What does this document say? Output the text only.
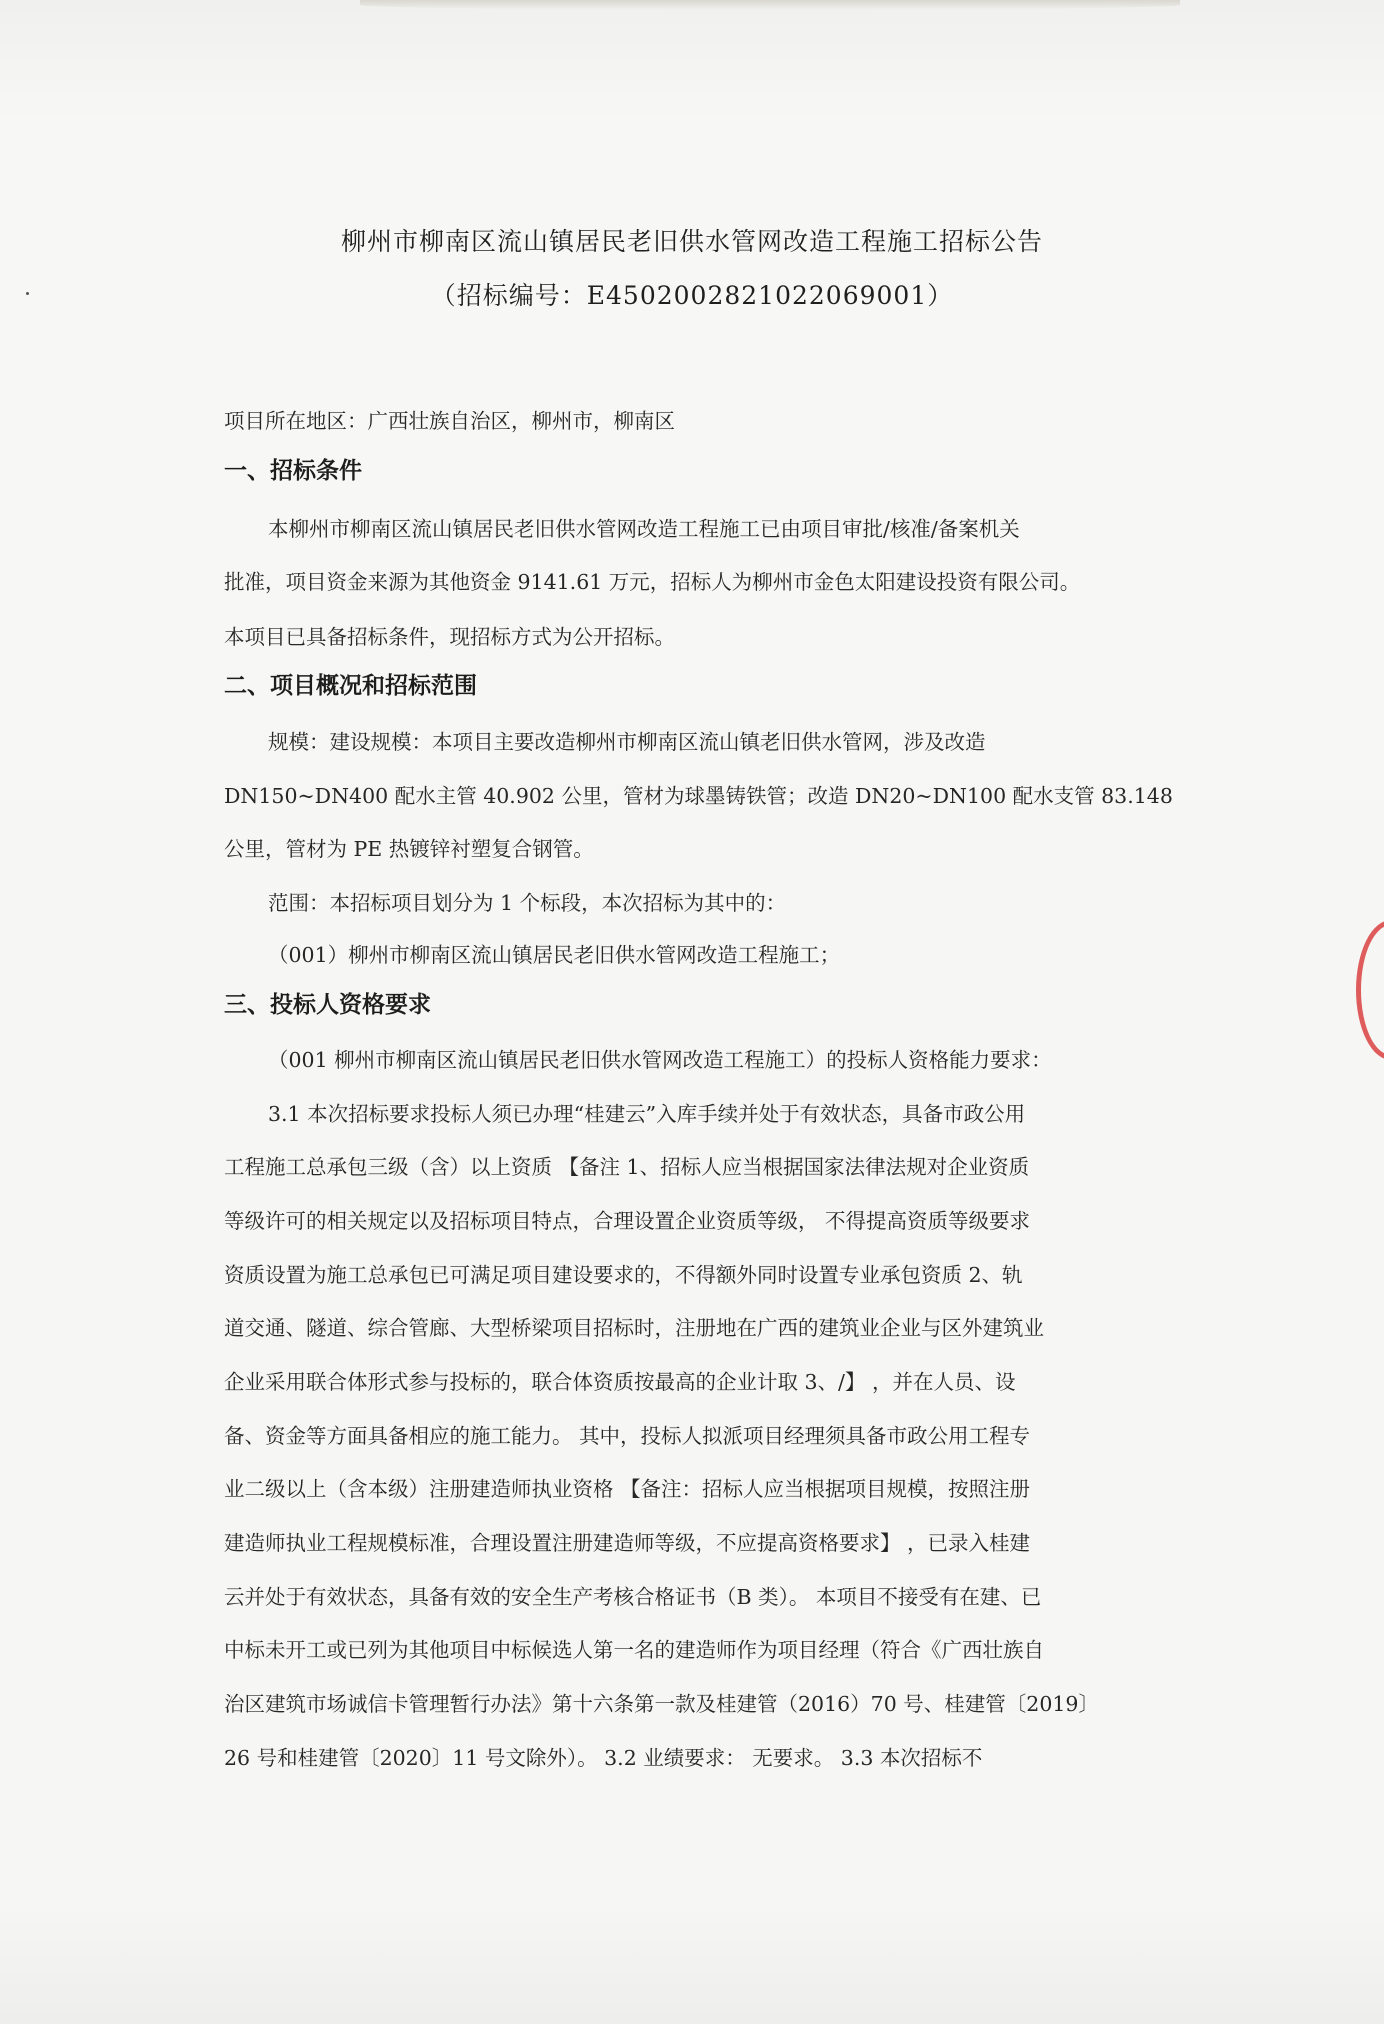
柳州市柳南区流山镇居民老旧供水管网改造工程施工招标公告
（招标编号：E4502002821022069001）
项目所在地区：广西壮族自治区，柳州市，柳南区
一、招标条件
本柳州市柳南区流山镇居民老旧供水管网改造工程施工已由项目审批/核准/备案机关
批准，项目资金来源为其他资金 9141.61 万元，招标人为柳州市金色太阳建设投资有限公司。
本项目已具备招标条件，现招标方式为公开招标。
二、项目概况和招标范围
规模：建设规模：本项目主要改造柳州市柳南区流山镇老旧供水管网，涉及改造
DN150~DN400 配水主管 40.902 公里，管材为球墨铸铁管；改造 DN20~DN100 配水支管 83.148
公里，管材为 PE 热镀锌衬塑复合钢管。
范围：本招标项目划分为 1 个标段，本次招标为其中的：
（001）柳州市柳南区流山镇居民老旧供水管网改造工程施工；
三、投标人资格要求
（001 柳州市柳南区流山镇居民老旧供水管网改造工程施工）的投标人资格能力要求：
3.1 本次招标要求投标人须已办理“桂建云”入库手续并处于有效状态，具备市政公用
工程施工总承包三级（含）以上资质 【备注 1、招标人应当根据国家法律法规对企业资质
等级许可的相关规定以及招标项目特点，合理设置企业资质等级， 不得提高资质等级要求
资质设置为施工总承包已可满足项目建设要求的，不得额外同时设置专业承包资质 2、轨
道交通、隧道、综合管廊、大型桥梁项目招标时，注册地在广西的建筑业企业与区外建筑业
企业采用联合体形式参与投标的，联合体资质按最高的企业计取 3、/】 ，并在人员、设
备、资金等方面具备相应的施工能力。 其中，投标人拟派项目经理须具备市政公用工程专
业二级以上（含本级）注册建造师执业资格 【备注：招标人应当根据项目规模，按照注册
建造师执业工程规模标准，合理设置注册建造师等级，不应提高资格要求】 ，已录入桂建
云并处于有效状态，具备有效的安全生产考核合格证书（B 类）。 本项目不接受有在建、已
中标未开工或已列为其他项目中标候选人第一名的建造师作为项目经理（符合《广西壮族自
治区建筑市场诚信卡管理暂行办法》第十六条第一款及桂建管（2016）70 号、桂建管〔2019〕
26 号和桂建管〔2020〕11 号文除外）。 3.2 业绩要求： 无要求。 3.3 本次招标不
